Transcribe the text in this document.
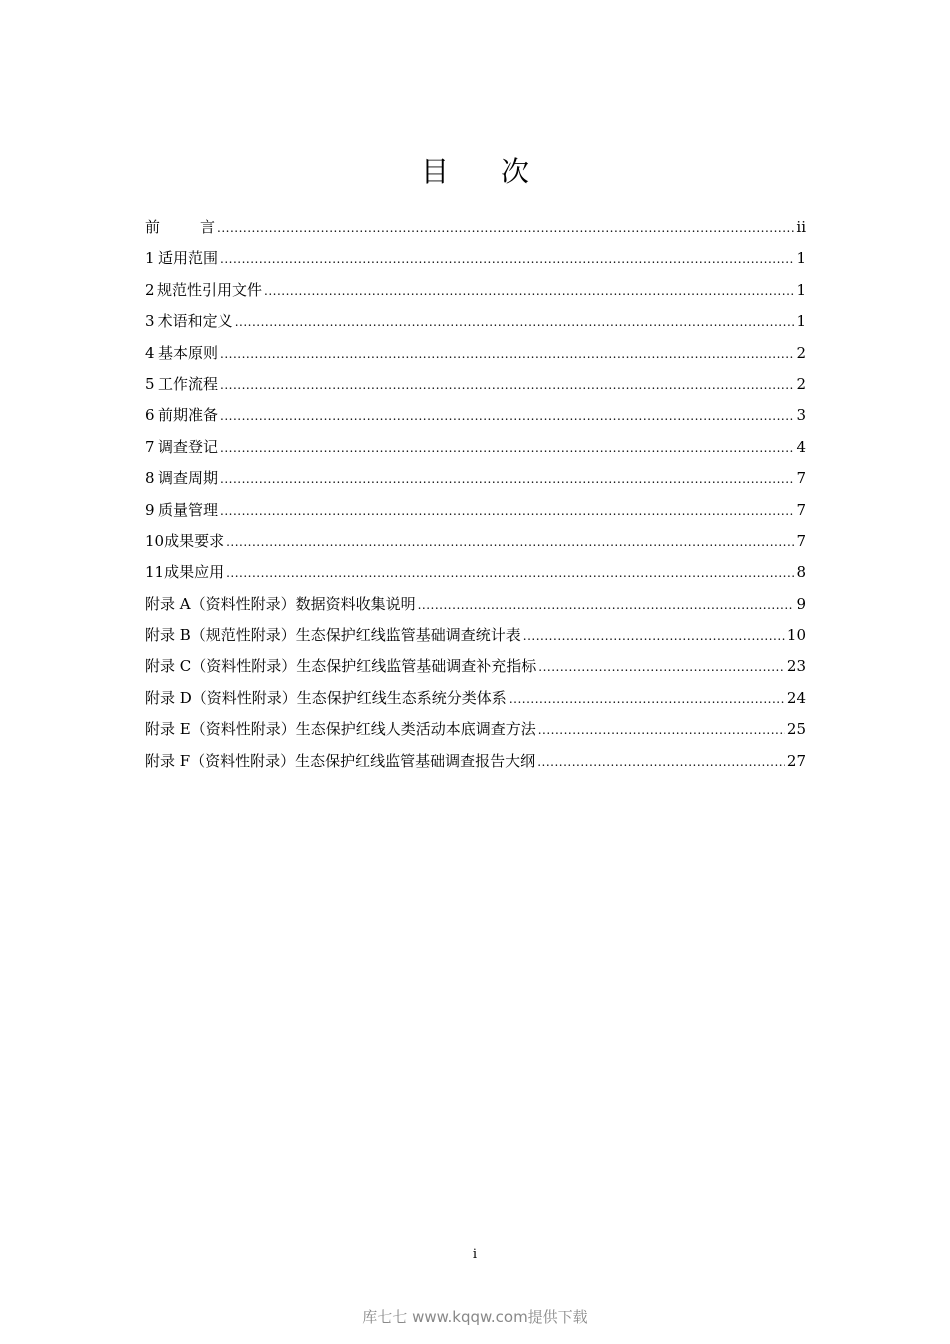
目 次
前	言 .....	ii
1 适用范围 .....	1
2 规范性引用文件 .....	1
3 术语和定义 .....	1
4 基本原则 .....	2
5 工作流程 .....	2
6 前期准备 .....	3
7 调查登记 .....	4
8 调查周期 .....	7
9 质量管理 .....	7
10 成果要求 .....	7
11 成果应用 .....	8
附录 A（资料性附录）数据资料收集说明 .....	9
附录 B（规范性附录）生态保护红线监管基础调查统计表 .....	10
附录 C（资料性附录）生态保护红线监管基础调查补充指标 .....	23
附录 D（资料性附录）生态保护红线生态系统分类体系 .....	24
附录 E（资料性附录）生态保护红线人类活动本底调查方法 .....	25
附录 F（资料性附录）生态保护红线监管基础调查报告大纲 .....	27
i
库七七 www.kqqw.com提供下载
